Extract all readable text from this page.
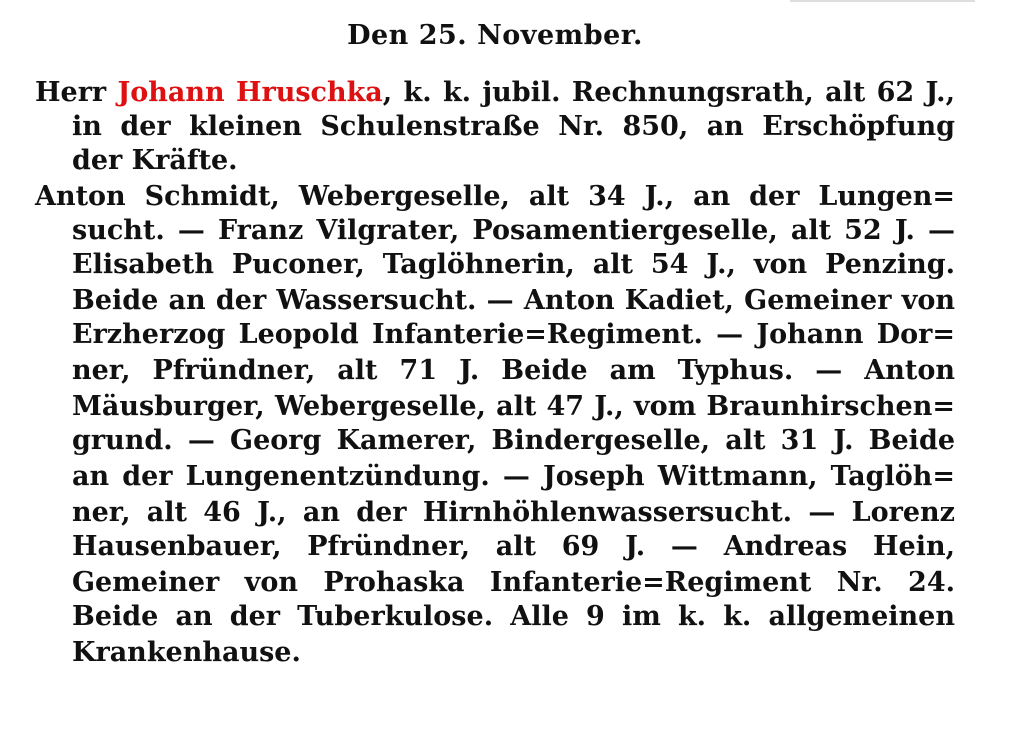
Den 25. November.
Herr Johann Hruschka, k. k. jubil. Rechnungsrath, alt 62 J.,
in der kleinen Schulenstraße Nr. 850, an Erschöpfung
der Kräfte.
Anton Schmidt, Webergeselle, alt 34 J., an der Lungen=
sucht. — Franz Vilgrater, Posamentiergeselle, alt 52 J. —
Elisabeth Puconer, Taglöhnerin, alt 54 J., von Penzing.
Beide an der Wassersucht. — Anton Kadiet, Gemeiner von
Erzherzog Leopold Infanterie=Regiment. — Johann Dor=
ner, Pfründner, alt 71 J. Beide am Typhus. — Anton
Mäusburger, Webergeselle, alt 47 J., vom Braunhirschen=
grund. — Georg Kamerer, Bindergeselle, alt 31 J. Beide
an der Lungenentzündung. — Joseph Wittmann, Taglöh=
ner, alt 46 J., an der Hirnhöhlenwassersucht. — Lorenz
Hausenbauer, Pfründner, alt 69 J. — Andreas Hein,
Gemeiner von Prohaska Infanterie=Regiment Nr. 24.
Beide an der Tuberkulose. Alle 9 im k. k. allgemeinen
Krankenhause.
